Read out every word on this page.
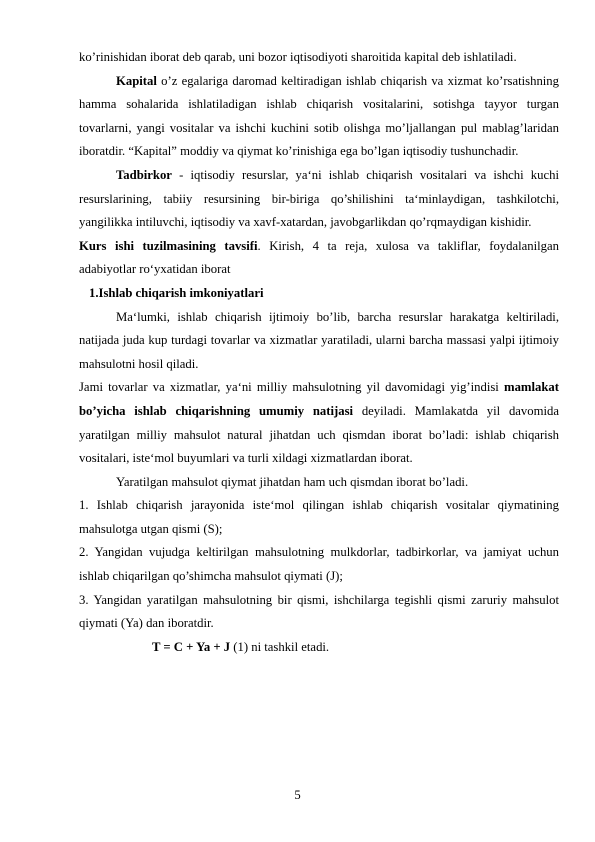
ko’rinishidan iborat deb qarab, uni bozor iqtisodiyoti sharoitida kapital deb ishlatiladi.

Kapital o’z egalariga daromad keltiradigan ishlab chiqarish va xizmat ko’rsatishning hamma sohalarida ishlatiladigan ishlab chiqarish vositalarini, sotishga tayyor turgan tovarlarni, yangi vositalar va ishchi kuchini sotib olishga mo’ljallangan pul mablag’laridan iboratdir. “Kapital” moddiy va qiymat ko’rinishiga ega bo’lgan iqtisodiy tushunchadir.

Tadbirkor - iqtisodiy resurslar, ya‘ni ishlab chiqarish vositalari va ishchi kuchi resurslarining, tabiiy resursining bir-biriga qo’shilishini ta‘minlaydigan, tashkilotchi, yangilikka intiluvchi, iqtisodiy va xavf-xatardan, javobgarlikdan qo’rqmaydigan kishidir.

Kurs ishi tuzilmasining tavsifi. Kirish, 4 ta reja, xulosa va takliflar, foydalanilgan adabiyotlar ro‘yxatidan iborat

1.Ishlab chiqarish imkoniyatlari

Ma‘lumki, ishlab chiqarish ijtimoiy bo’lib, barcha resurslar harakatga keltiriladi, natijada juda kup turdagi tovarlar va xizmatlar yaratiladi, ularni barcha massasi yalpi ijtimoiy mahsulotni hosil qiladi.

Jami tovarlar va xizmatlar, ya‘ni milliy mahsulotning yil davomidagi yig’indisi mamlakat bo’yicha ishlab chiqarishning umumiy natijasi deyiladi. Mamlakatda yil davomida yaratilgan milliy mahsulot natural jihatdan uch qismdan iborat bo’ladi: ishlab chiqarish vositalari, iste‘mol buyumlari va turli xildagi xizmatlardan iborat.

Yaratilgan mahsulot qiymat jihatdan ham uch qismdan iborat bo’ladi.

1. Ishlab chiqarish jarayonida iste‘mol qilingan ishlab chiqarish vositalar qiymatining mahsulotga utgan qismi (S);

2. Yangidan vujudga keltirilgan mahsulotning mulkdorlar, tadbirkorlar, va jamiyat uchun ishlab chiqarilgan qo’shimcha mahsulot qiymati (J);

3. Yangidan yaratilgan mahsulotning bir qismi, ishchilarga tegishli qismi zaruriy mahsulot qiymati (Ya) dan iboratdir.

T = C + Ya + J (1) ni tashkil etadi.

5
